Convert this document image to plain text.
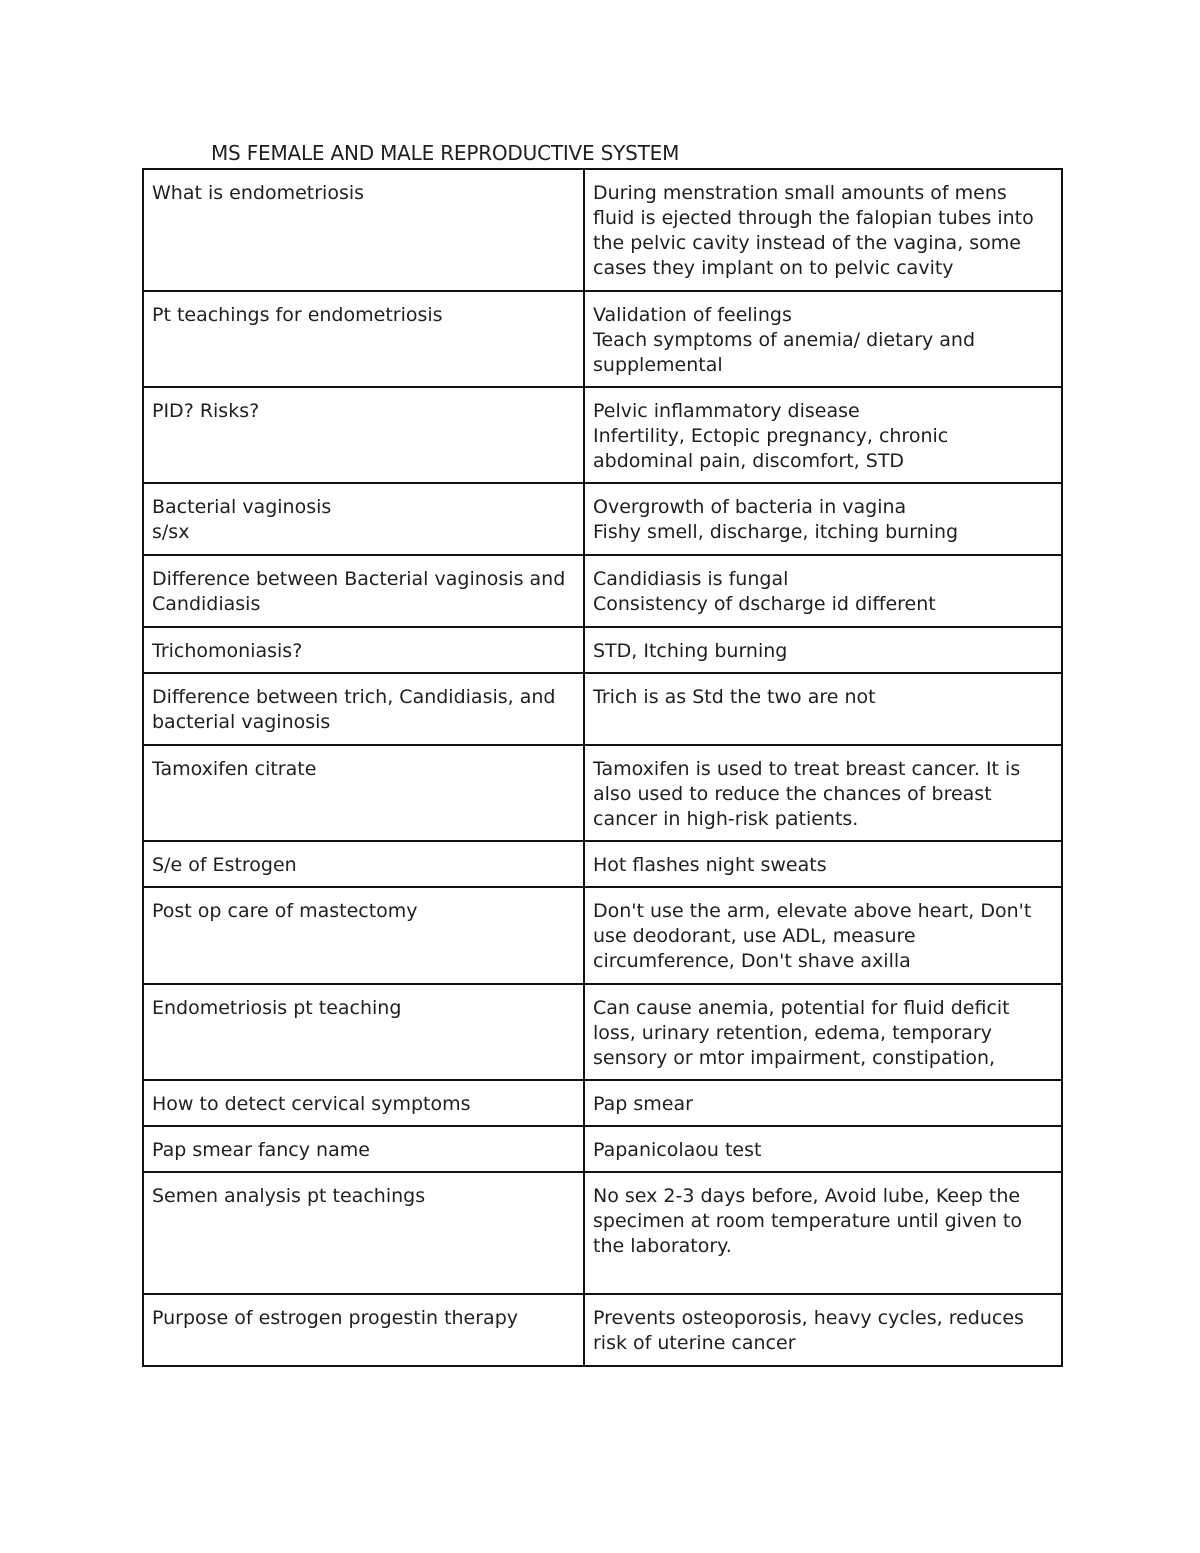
MS FEMALE AND MALE REPRODUCTIVE SYSTEM
What is endometriosis	During menstration small amounts of mens fluid is ejected through the falopian tubes into the pelvic cavity instead of the vagina, some cases they implant on to pelvic cavity

Pt teachings for endometriosis	Validation of feelings
Teach symptoms of anemia/ dietary and supplemental

PID? Risks?	Pelvic inflammatory disease
Infertility, Ectopic pregnancy, chronic abdominal pain, discomfort, STD

Bacterial vaginosis
s/sx	Overgrowth of bacteria in vagina
Fishy smell, discharge, itching burning

Difference between Bacterial vaginosis and Candidiasis	Candidiasis is fungal
Consistency of dscharge id different

Trichomoniasis?	STD, Itching burning

Difference between trich, Candidiasis, and bacterial vaginosis	Trich is as Std the two are not

Tamoxifen citrate	Tamoxifen is used to treat breast cancer. It is also used to reduce the chances of breast cancer in high-risk patients.

S/e of Estrogen	Hot flashes night sweats

Post op care of mastectomy	Don't use the arm, elevate above heart, Don't use deodorant, use ADL, measure circumference, Don't shave axilla

Endometriosis pt teaching	Can cause anemia, potential for fluid deficit loss, urinary retention, edema, temporary sensory or mtor impairment, constipation,

How to detect cervical symptoms	Pap smear

Pap smear fancy name	Papanicolaou test

Semen analysis pt teachings	No sex 2-3 days before, Avoid lube, Keep the specimen at room temperature until given to the laboratory.

Purpose of estrogen progestin therapy	Prevents osteoporosis, heavy cycles, reduces risk of uterine cancer
